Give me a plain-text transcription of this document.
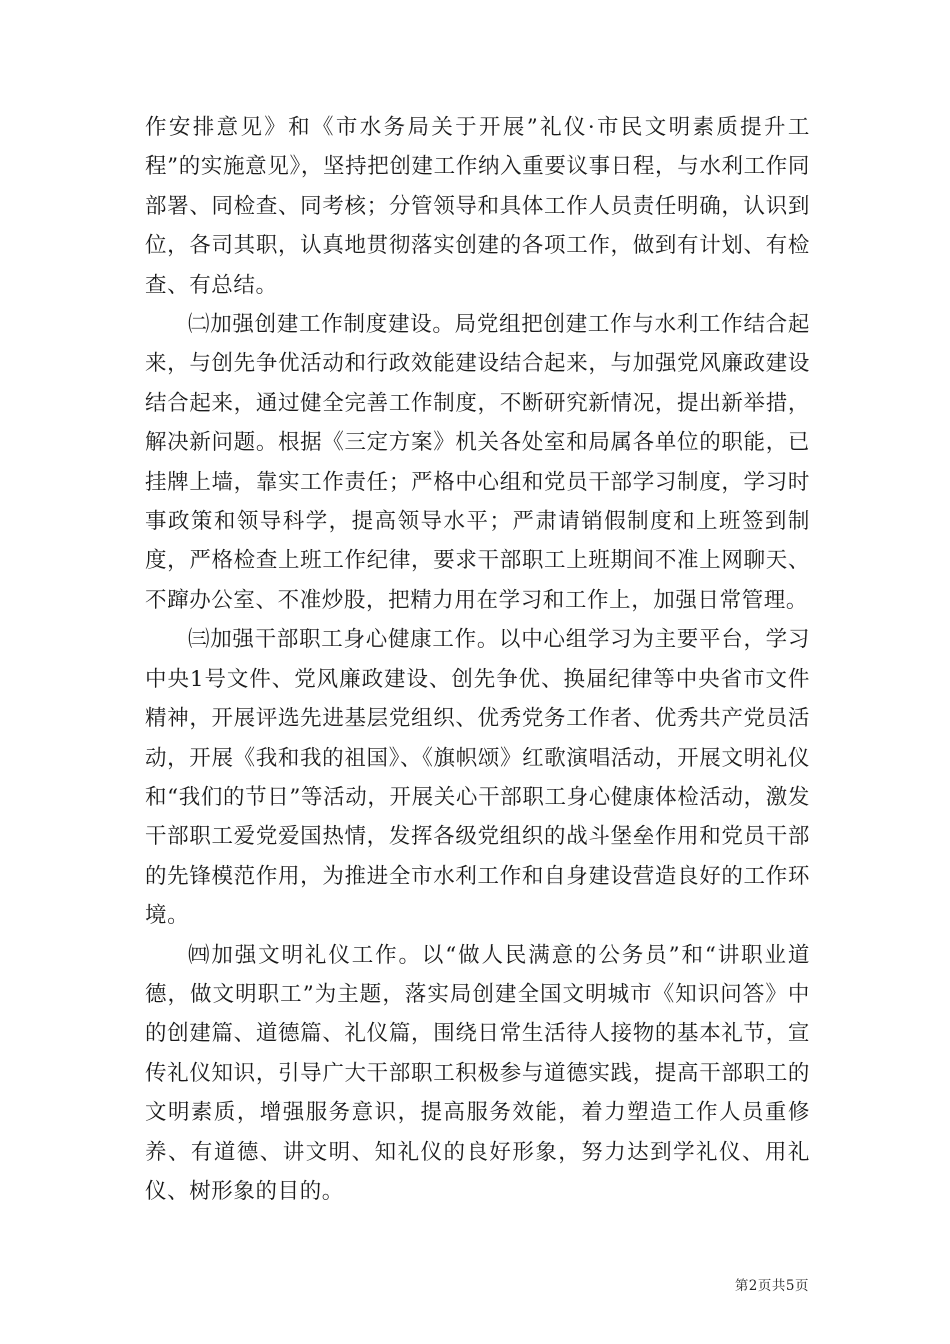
作安排意见》和《市水务局关于开展”礼仪·市民文明素质提升工程”的实施意见》，坚持把创建工作纳入重要议事日程，与水利工作同部署、同检查、同考核；分管领导和具体工作人员责任明确，认识到位，各司其职，认真地贯彻落实创建的各项工作，做到有计划、有检查、有总结。

㈡加强创建工作制度建设。局党组把创建工作与水利工作结合起来，与创先争优活动和行政效能建设结合起来，与加强党风廉政建设结合起来，通过健全完善工作制度，不断研究新情况，提出新举措，解决新问题。根据《三定方案》机关各处室和局属各单位的职能，已挂牌上墙，靠实工作责任；严格中心组和党员干部学习制度，学习时事政策和领导科学，提高领导水平；严肃请销假制度和上班签到制度，严格检查上班工作纪律，要求干部职工上班期间不准上网聊天、不蹿办公室、不准炒股，把精力用在学习和工作上，加强日常管理。

㈢加强干部职工身心健康工作。以中心组学习为主要平台，学习中央1号文件、党风廉政建设、创先争优、换届纪律等中央省市文件精神，开展评选先进基层党组织、优秀党务工作者、优秀共产党员活动，开展《我和我的祖国》、《旗帜颂》红歌演唱活动，开展文明礼仪和“我们的节日”等活动，开展关心干部职工身心健康体检活动，激发干部职工爱党爱国热情，发挥各级党组织的战斗堡垒作用和党员干部的先锋模范作用，为推进全市水利工作和自身建设营造良好的工作环境。

㈣加强文明礼仪工作。以“做人民满意的公务员”和“讲职业道德，做文明职工”为主题，落实局创建全国文明城市《知识问答》中的创建篇、道德篇、礼仪篇，围绕日常生活待人接物的基本礼节，宣传礼仪知识，引导广大干部职工积极参与道德实践，提高干部职工的文明素质，增强服务意识，提高服务效能，着力塑造工作人员重修养、有道德、讲文明、知礼仪的良好形象，努力达到学礼仪、用礼仪、树形象的目的。

第2页共5页
